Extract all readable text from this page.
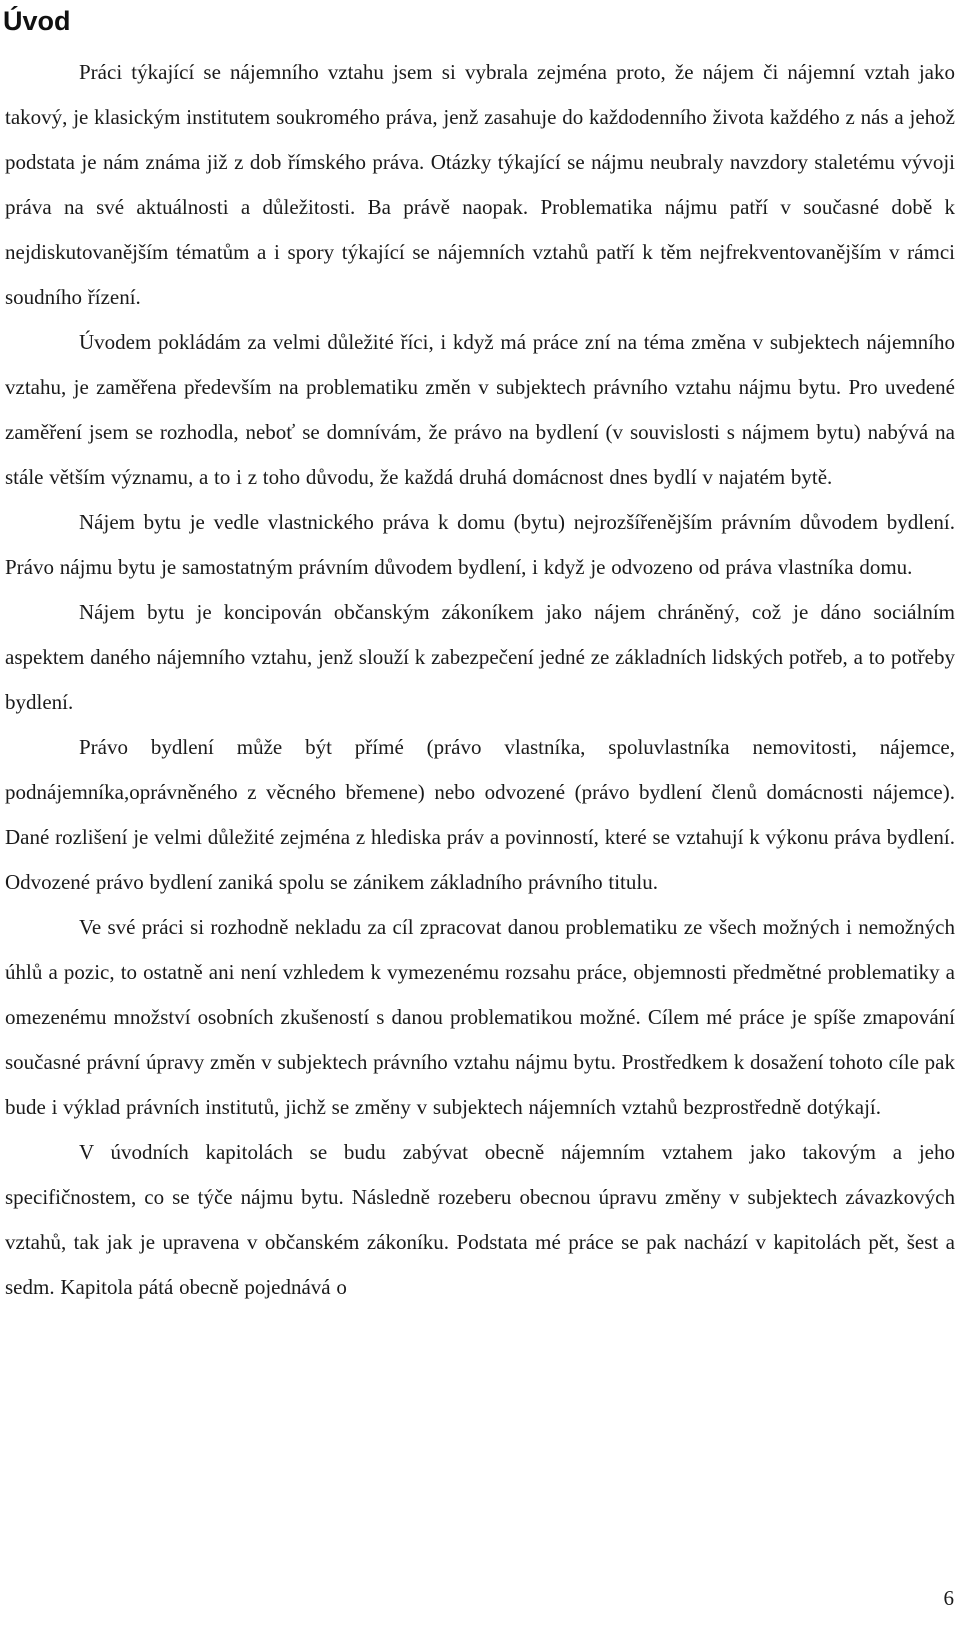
Úvod

Práci týkající se nájemního vztahu jsem si vybrala zejména proto, že nájem či nájemní vztah jako takový, je klasickým institutem soukromého práva, jenž zasahuje do každodenního života každého z nás a jehož podstata je nám známa již z dob římského práva. Otázky týkající se nájmu neubraly navzdory staletému vývoji práva na své aktuálnosti a důležitosti. Ba právě naopak. Problematika nájmu patří v současné době k nejdiskutovanějším tématům a i spory týkající se nájemních vztahů patří k těm nejfrekventovanějším v rámci soudního řízení.

Úvodem pokládám za velmi důležité říci, i když má práce zní na téma změna v subjektech nájemního vztahu, je zaměřena především na problematiku změn v subjektech právního vztahu nájmu bytu. Pro uvedené zaměření jsem se rozhodla, neboť se domnívám, že právo na bydlení (v souvislosti s nájmem bytu) nabývá na stále větším významu, a to i z toho důvodu, že každá druhá domácnost dnes bydlí v najatém bytě.

Nájem bytu je vedle vlastnického práva k domu (bytu) nejrozšířenějším právním důvodem bydlení. Právo nájmu bytu je samostatným právním důvodem bydlení, i když je odvozeno od práva vlastníka domu.

Nájem bytu je koncipován občanským zákoníkem jako nájem chráněný, což je dáno sociálním aspektem daného nájemního vztahu, jenž slouží k zabezpečení jedné ze základních lidských potřeb, a to potřeby bydlení.

Právo bydlení může být přímé (právo vlastníka, spoluvlastníka nemovitosti, nájemce, podnájemníka,oprávněného z věcného břemene) nebo odvozené (právo bydlení členů domácnosti nájemce). Dané rozlišení je velmi důležité zejména z hlediska práv a povinností, které se vztahují k výkonu práva bydlení. Odvozené právo bydlení zaniká spolu se zánikem základního právního titulu.

Ve své práci si rozhodně nekladu za cíl zpracovat danou problematiku ze všech možných i nemožných úhlů a pozic, to ostatně ani není vzhledem k vymezenému rozsahu práce, objemnosti předmětné problematiky a omezenému množství osobních zkušeností s danou problematikou možné. Cílem mé práce je spíše zmapování současné právní úpravy změn v subjektech právního vztahu nájmu bytu. Prostředkem k dosažení tohoto cíle pak bude i výklad právních institutů, jichž se změny v subjektech nájemních vztahů bezprostředně dotýkají.

V úvodních kapitolách se budu zabývat obecně nájemním vztahem jako takovým a jeho specifičnostem, co se týče nájmu bytu. Následně rozeberu obecnou úpravu změny v subjektech závazkových vztahů, tak jak je upravena v občanském zákoníku. Podstata mé práce se pak nachází v kapitolách pět, šest a sedm. Kapitola pátá obecně pojednává o

6
